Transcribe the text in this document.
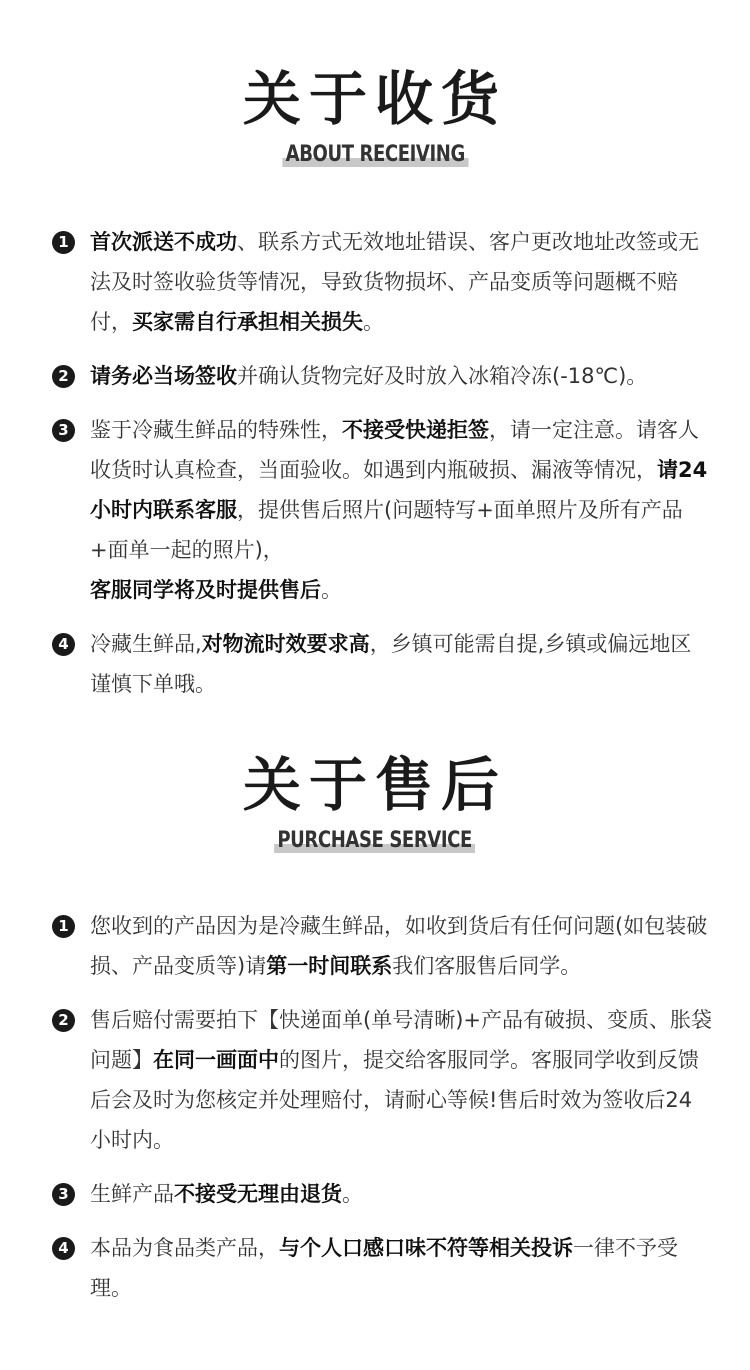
关于收货
ABOUT RECEIVING
1 首次派送不成功、联系方式无效地址错误、客户更改地址改签或无法及时签收验货等情况，导致货物损坏、产品变质等问题概不赔付，买家需自行承担相关损失。
2 请务必当场签收并确认货物完好及时放入冰箱冷冻(-18℃)。
3 鉴于冷藏生鲜品的特殊性，不接受快递拒签，请一定注意。请客人收货时认真检查，当面验收。如遇到内瓶破损、漏液等情况，请24小时内联系客服，提供售后照片(问题特写+面单照片及所有产品+面单一起的照片)，
客服同学将及时提供售后。
4 冷藏生鲜品,对物流时效要求高，乡镇可能需自提,乡镇或偏远地区谨慎下单哦。
关于售后
PURCHASE SERVICE
1 您收到的产品因为是冷藏生鲜品，如收到货后有任何问题(如包装破损、产品变质等)请第一时间联系我们客服售后同学。
2 售后赔付需要拍下【快递面单(单号清晰)+产品有破损、变质、胀袋问题】在同一画面中的图片，提交给客服同学。客服同学收到反馈后会及时为您核定并处理赔付，请耐心等候!售后时效为签收后24小时内。
3 生鲜产品不接受无理由退货。
4 本品为食品类产品，与个人口感口味不符等相关投诉一律不予受理。
